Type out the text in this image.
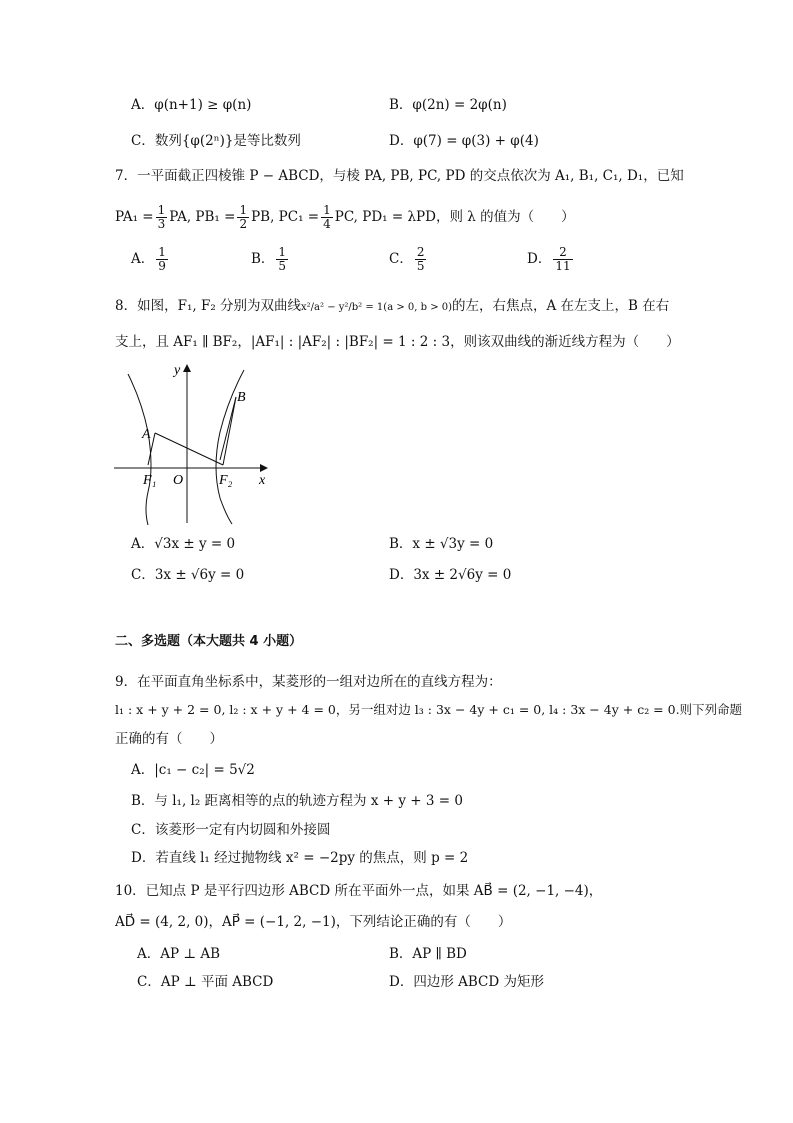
A．φ(n+1) ≥ φ(n)	B．φ(2n) = 2φ(n)
C．数列{φ(2ⁿ)}是等比数列	D．φ(7) = φ(3) + φ(4)
7．一平面截正四棱锥 P − ABCD，与棱 PA, PB, PC, PD 的交点依次为 A₁, B₁, C₁, D₁，已知
$PA_1 = \frac{1}{3}$ PA, $PB_1 = \frac{1}{2}$ PB, $PC_1 = \frac{1}{4}$ PC, PD₁ = λPD，则 λ 的值为（　　）
A． $\frac{1}{9}$	B． $\frac{1}{5}$	C． $\frac{2}{5}$	D． $\frac{2}{11}$
8．如图，F₁, F₂ 分别为双曲线x²/a² − y²/b² = 1(a > 0, b > 0)的左，右焦点，A 在左支上，B 在右
支上，且 AF₁ ∥ BF₂，|AF₁| : |AF₂| : |BF₂| = 1 : 2 : 3，则该双曲线的渐近线方程为（　　）
y
x
O
A
B
F₁	F₂
A．√3x ± y = 0	B．x ± √3y = 0
C．3x ± √6y = 0	D．3x ± 2√6y = 0
二、多选题（本大题共 4 小题）
9．在平面直角坐标系中，某菱形的一组对边所在的直线方程为：
l₁ : x + y + 2 = 0, l₂ : x + y + 4 = 0，另一组对边 l₃ : 3x − 4y + c₁ = 0, l₄ : 3x − 4y + c₂ = 0.则下列命题
正确的有（　　）
A．|c₁ − c₂| = 5√2
B．与 l₁, l₂ 距离相等的点的轨迹方程为 x + y + 3 = 0
C．该菱形一定有内切圆和外接圆
D．若直线 l₁ 经过抛物线 x² = −2py 的焦点，则 p = 2
10．已知点 P 是平行四边形 ABCD 所在平面外一点，如果 AB⃗ = (2, −1, −4)，
AD⃗ = (4, 2, 0)，AP⃗ = (−1, 2, −1)，下列结论正确的有（　　）
A．AP ⊥ AB	B．AP ∥ BD
C．AP ⊥ 平面 ABCD	D．四边形 ABCD 为矩形
